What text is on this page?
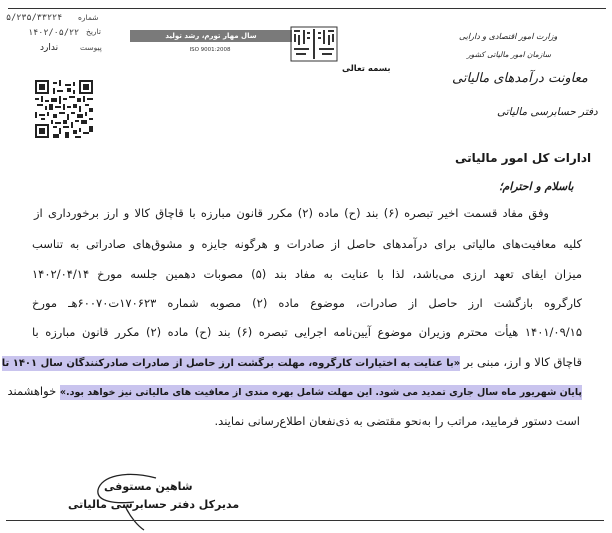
۵/۲۳۵/۳۳۲۲۴ شماره
۱۴۰۲/۰۵/۲۲ تاریخ
ندارد	پیوست
سال مهار تورم، رشد تولید
ISO 9001:2008
بسمه تعالی
وزارت امور اقتصادی و دارایی
سازمان امور مالیاتی کشور
معاونت درآمدهای مالیاتی
دفتر حسابرسی مالیاتی
ادارات کل امور مالیاتی
باسلام و احترام؛
وفق مفاد قسمت اخیر تبصره (۶) بند (ح) ماده (۲) مکرر قانون مبارزه با قاچاق کالا و ارز برخورداری از
کلیه معافیت‌های مالیاتی برای درآمدهای حاصل از صادرات و هرگونه جایزه و مشوق‌های صادراتی به تناسب
میزان ایفای تعهد ارزی می‌باشد، لذا با عنایت به مفاد بند (۵) مصوبات دهمین جلسه مورخ ۱۴۰۲/۰۴/۱۴
کارگروه بازگشت ارز حاصل از صادرات، موضوع ماده (۲) مصوبه شماره ۱۷۰۶۲۳ت۶۰۰۷۰هـ مورخ
۱۴۰۱/۰۹/۱۵ هیأت محترم وزیران موضوع آیین‌نامه اجرایی تبصره (۶) بند (ح) ماده (۲) مکرر قانون مبارزه با
قاچاق کالا و ارز، مبنی بر «با عنایت به اختیارات کارگروه، مهلت برگشت ارز حاصل از صادرات صادرکنندگان سال ۱۴۰۱ تا
پایان شهریور ماه سال جاری تمدید می شود. این مهلت شامل بهره مندی از معافیت های مالیاتی نیز خواهد بود.» خواهشمند
است دستور فرمایید، مراتب را به‌نحو مقتضی به ذی‌نفعان اطلاع‌رسانی نمایند.
شاهین مستوفی
مدیرکل دفتر حسابرسی مالیاتی
